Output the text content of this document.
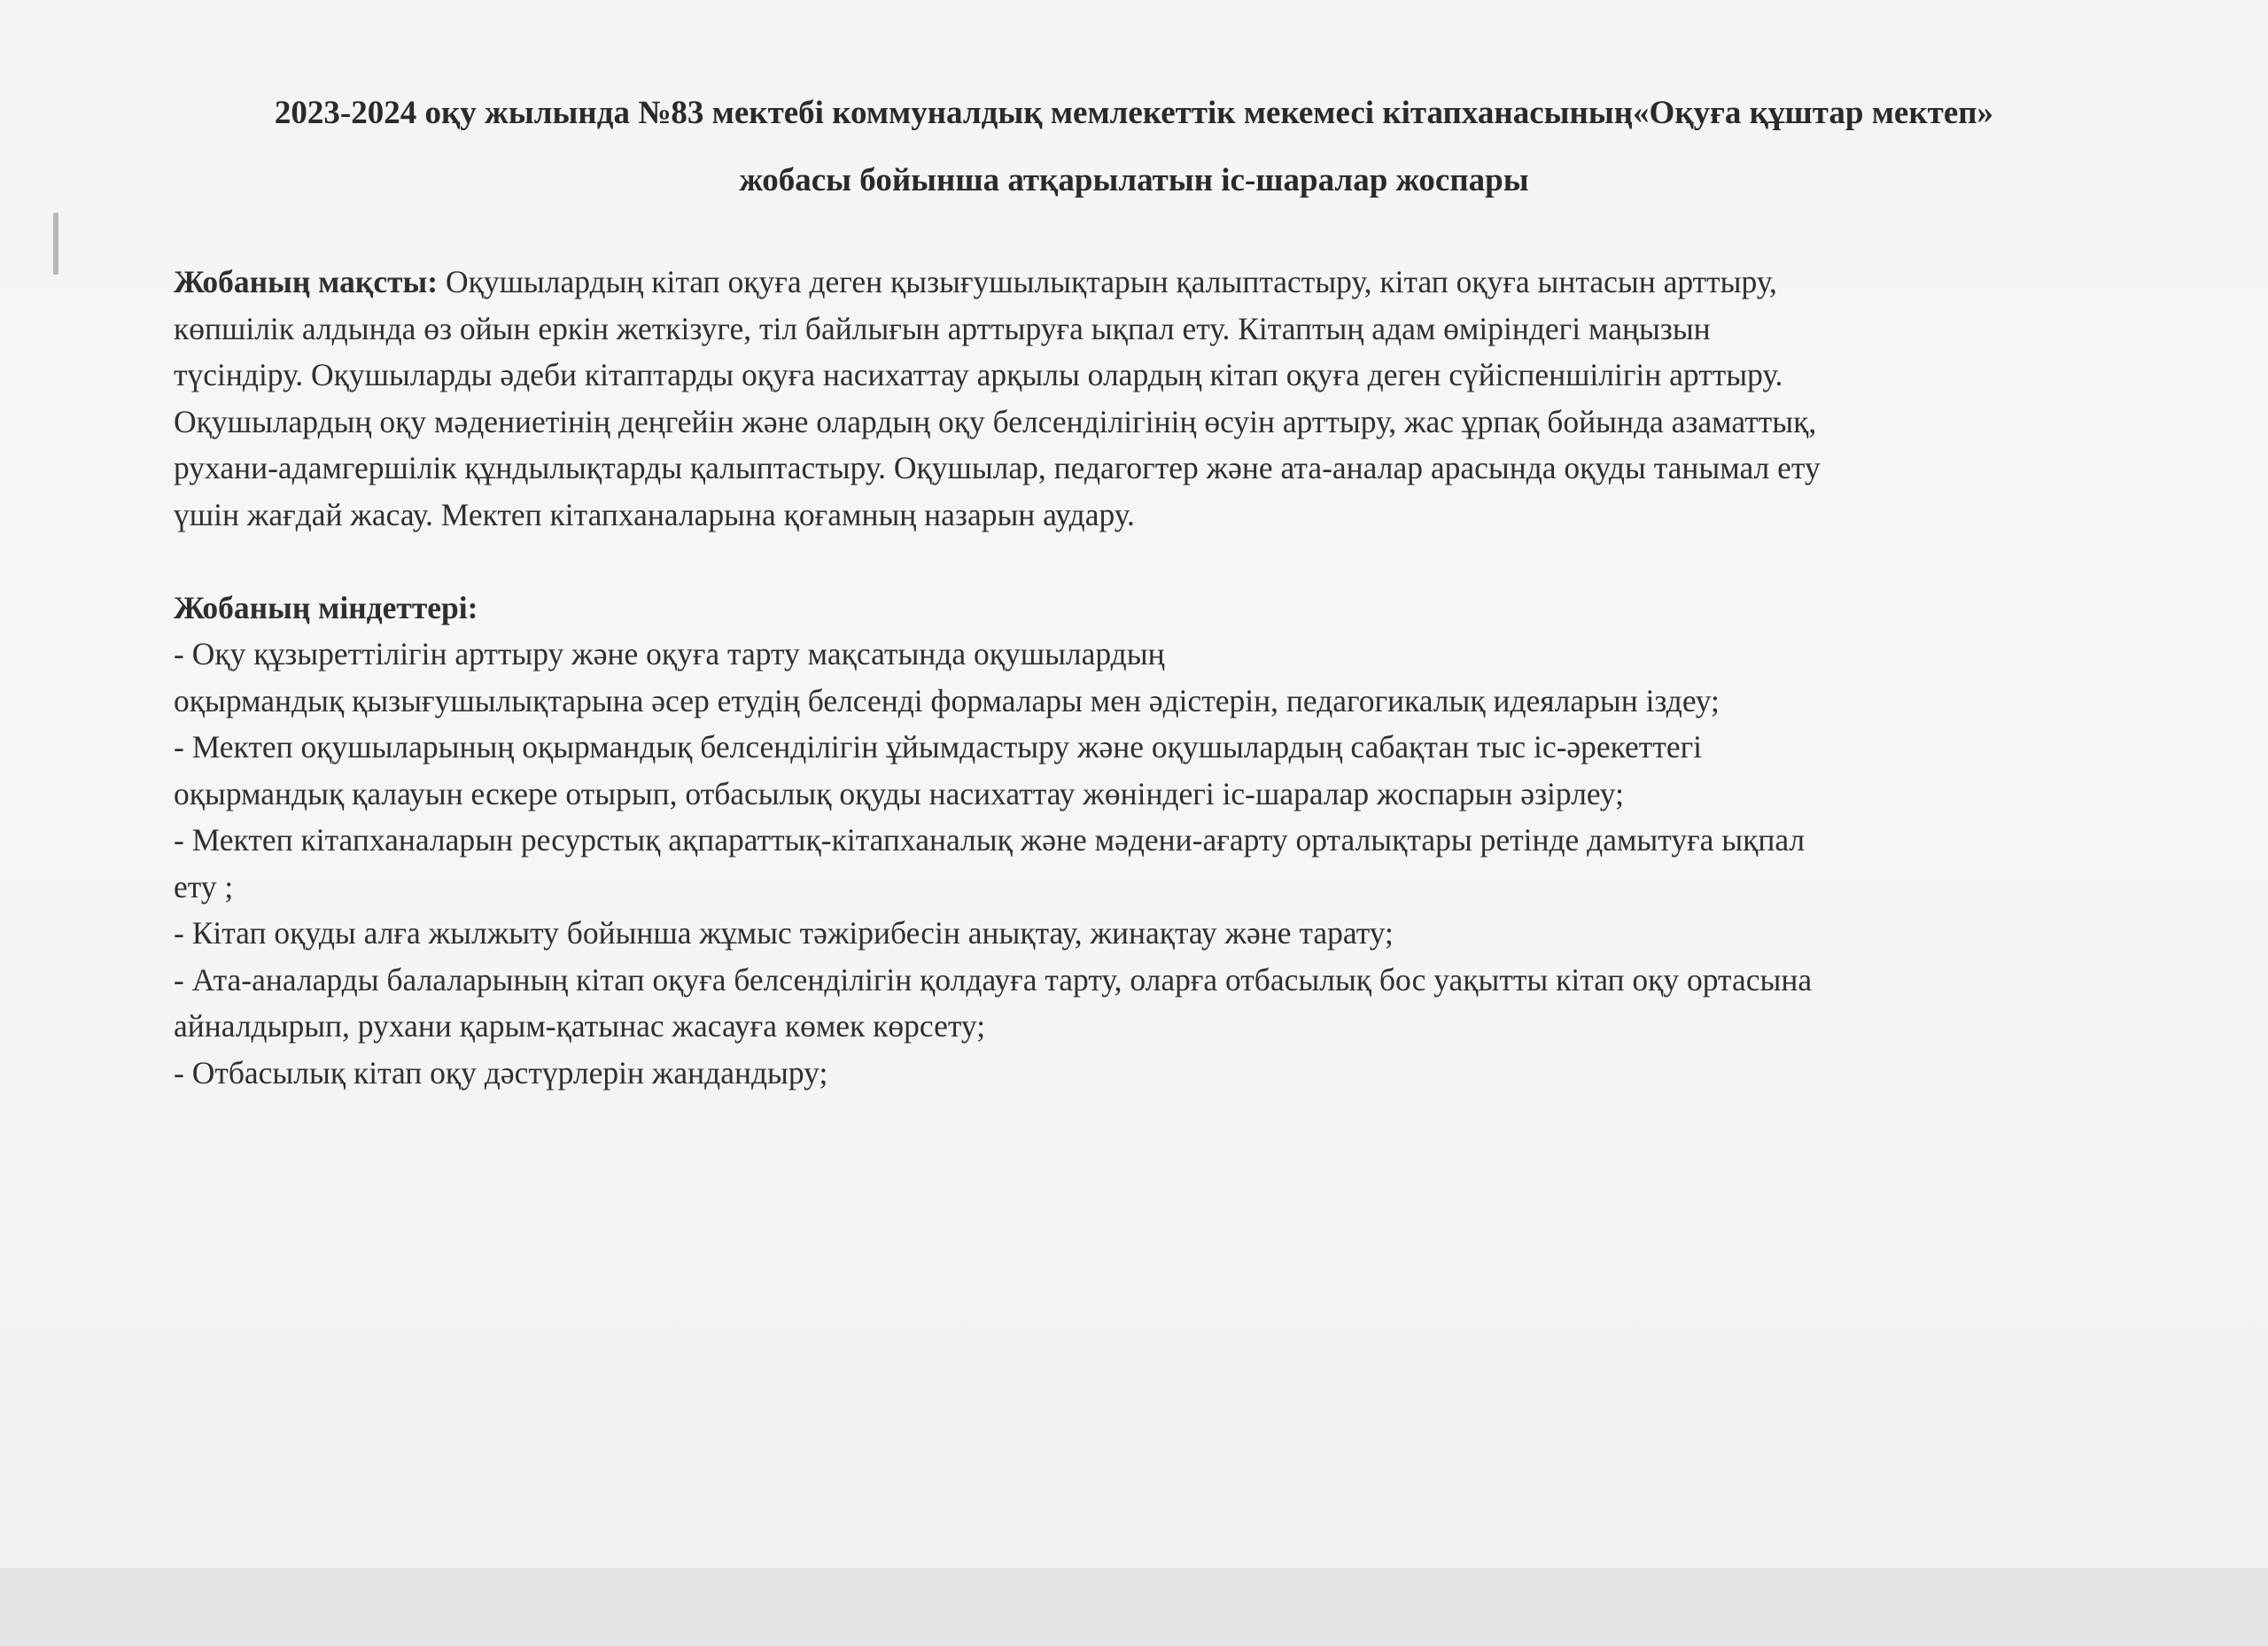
2023-2024 оқу жылында №83 мектебі коммуналдық мемлекеттік мекемесі кітапханасының«Оқуға құштар мектеп»
жобасы бойынша атқарылатын іс-шаралар жоспары
Жобаның мақсты: Оқушылардың кітап оқуға деген қызығушылықтарын қалыптастыру, кітап оқуға ынтасын арттыру,
көпшілік алдында өз ойын еркін жеткізуге, тіл байлығын арттыруға ықпал ету. Кітаптың адам өміріндегі маңызын
түсіндіру. Оқушыларды әдеби кітаптарды оқуға насихаттау арқылы олардың кітап оқуға деген сүйіспеншілігін арттыру.
Оқушылардың оқу мәдениетінің деңгейін және олардың оқу белсенділігінің өсуін арттыру, жас ұрпақ бойында азаматтық,
рухани-адамгершілік құндылықтарды қалыптастыру. Оқушылар, педагогтер және ата-аналар арасында оқуды танымал ету
үшін жағдай жасау. Мектеп кітапханаларына қоғамның назарын аудару.
Жобаның міндеттері:
- Оқу құзыреттілігін арттыру және оқуға тарту мақсатында оқушылардың
оқырмандық қызығушылықтарына әсер етудің белсенді формалары мен әдістерін, педагогикалық идеяларын іздеу;
- Мектеп оқушыларының оқырмандық белсенділігін ұйымдастыру және оқушылардың сабақтан тыс іс-әрекеттегі
оқырмандық қалауын ескере отырып, отбасылық оқуды насихаттау жөніндегі іс-шаралар жоспарын әзірлеу;
- Мектеп кітапханаларын ресурстық ақпараттық-кітапханалық және мәдени-ағарту орталықтары ретінде дамытуға ықпал
ету ;
- Кітап оқуды алға жылжыту бойынша жұмыс тәжірибесін анықтау, жинақтау және тарату;
- Ата-аналарды балаларының кітап оқуға белсенділігін қолдауға тарту, оларға отбасылық бос уақытты кітап оқу ортасына
айналдырып, рухани қарым-қатынас жасауға көмек көрсету;
- Отбасылық кітап оқу дәстүрлерін жандандыру;
